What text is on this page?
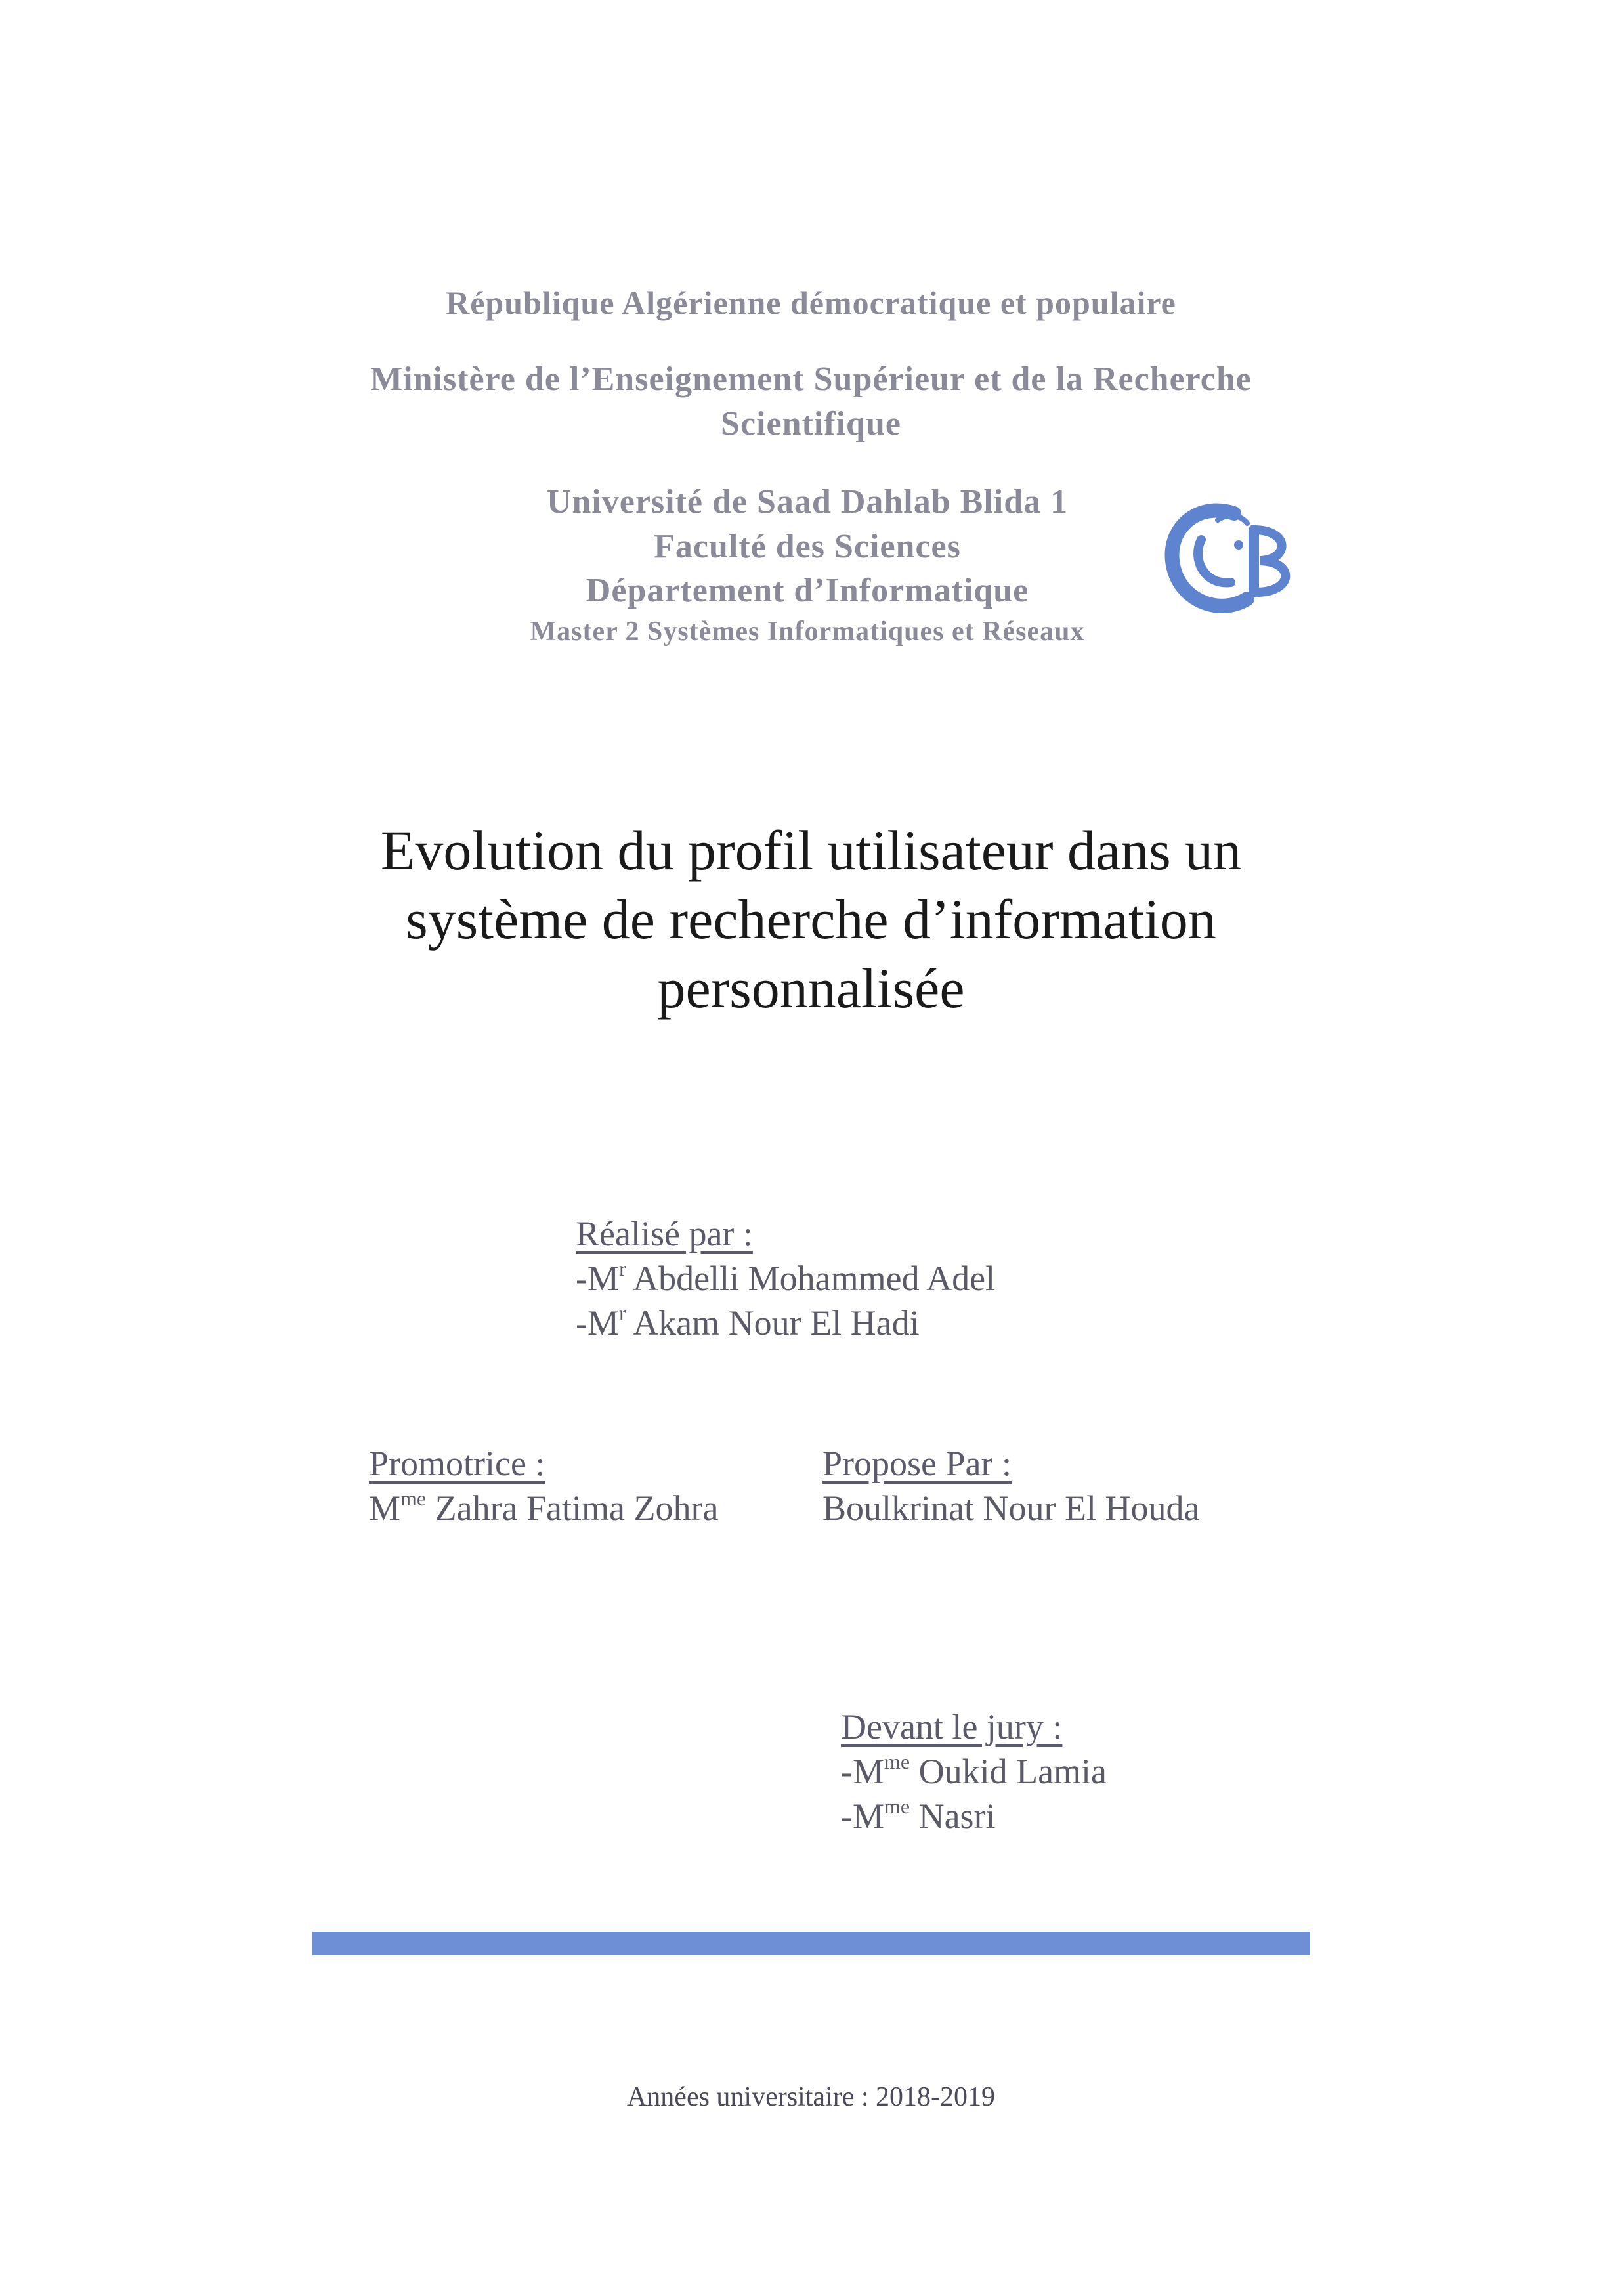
République Algérienne démocratique et populaire
Ministère de l’Enseignement Supérieur et de la Recherche
Scientifique
Université de Saad Dahlab Blida 1
Faculté des Sciences
Département d’Informatique
Master 2 Systèmes Informatiques et Réseaux
Evolution du profil utilisateur dans un
système de recherche d’information
personnalisée
Réalisé par :
$-M^r$ Abdelli Mohammed Adel
$-M^r$ Akam Nour El Hadi
Promotrice :
$M^{me}$ Zahra Fatima Zohra
Propose Par :
Boulkrinat Nour El Houda
Devant le jury :
$-M^{me}$ Oukid Lamia
$-M^{me}$ Nasri
Années universitaire : 2018-2019
